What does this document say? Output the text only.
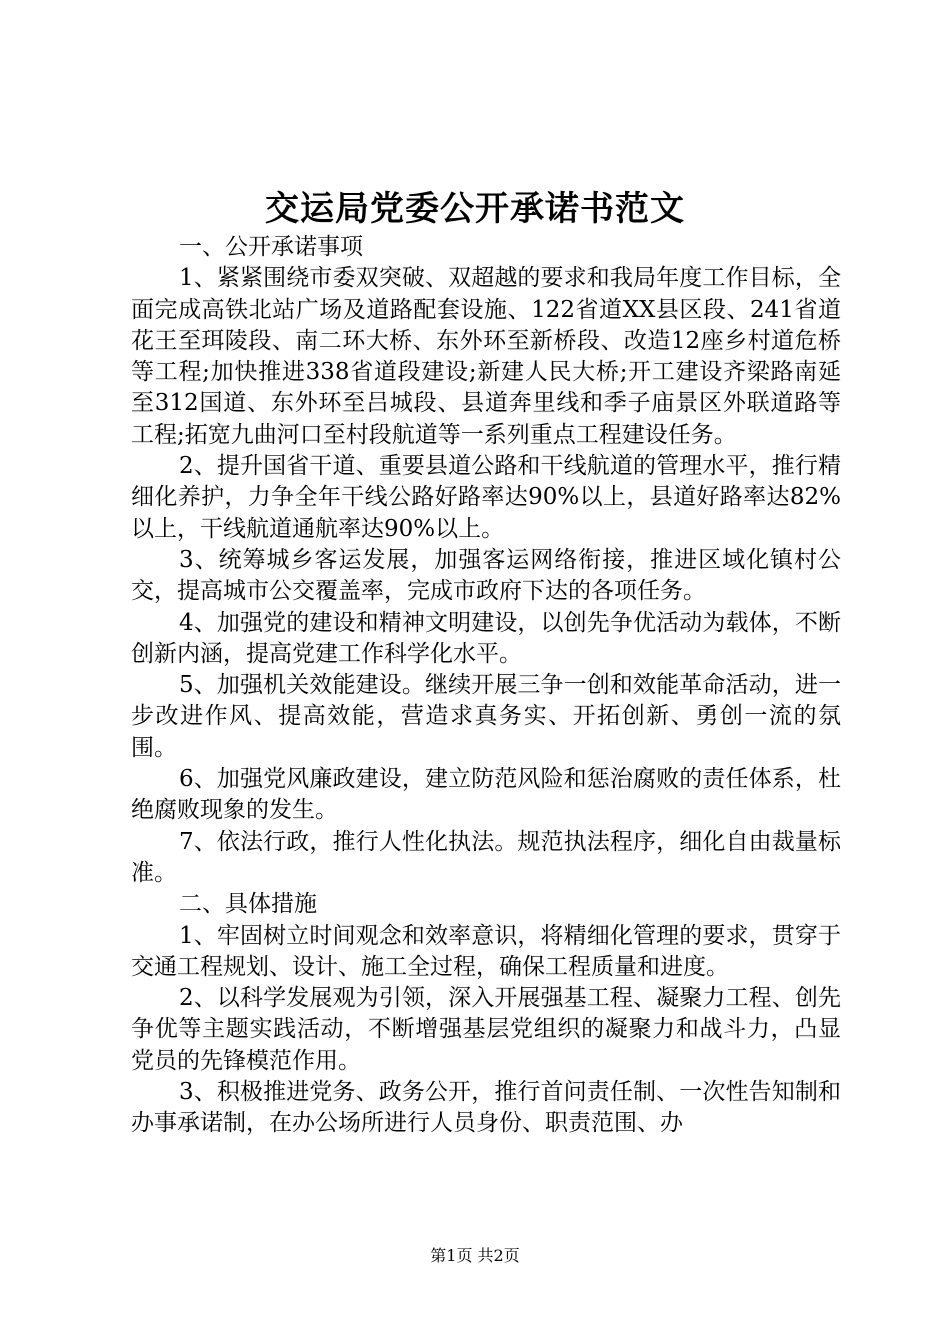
交运局党委公开承诺书范文

一、公开承诺事项

1、紧紧围绕市委双突破、双超越的要求和我局年度工作目标，全面完成高铁北站广场及道路配套设施、122省道XX县区段、241省道花王至珥陵段、南二环大桥、东外环至新桥段、改造12座乡村道危桥等工程;加快推进338省道段建设;新建人民大桥;开工建设齐梁路南延至312国道、东外环至吕城段、县道奔里线和季子庙景区外联道路等工程;拓宽九曲河口至村段航道等一系列重点工程建设任务。

2、提升国省干道、重要县道公路和干线航道的管理水平，推行精细化养护，力争全年干线公路好路率达90%以上，县道好路率达82%以上，干线航道通航率达90%以上。

3、统筹城乡客运发展，加强客运网络衔接，推进区域化镇村公交，提高城市公交覆盖率，完成市政府下达的各项任务。

4、加强党的建设和精神文明建设，以创先争优活动为载体，不断创新内涵，提高党建工作科学化水平。

5、加强机关效能建设。继续开展三争一创和效能革命活动，进一步改进作风、提高效能，营造求真务实、开拓创新、勇创一流的氛围。

6、加强党风廉政建设，建立防范风险和惩治腐败的责任体系，杜绝腐败现象的发生。

7、依法行政，推行人性化执法。规范执法程序，细化自由裁量标准。

二、具体措施

1、牢固树立时间观念和效率意识，将精细化管理的要求，贯穿于交通工程规划、设计、施工全过程，确保工程质量和进度。

2、以科学发展观为引领，深入开展强基工程、凝聚力工程、创先争优等主题实践活动，不断增强基层党组织的凝聚力和战斗力，凸显党员的先锋模范作用。

3、积极推进党务、政务公开，推行首问责任制、一次性告知制和办事承诺制，在办公场所进行人员身份、职责范围、办

第1页 共2页
